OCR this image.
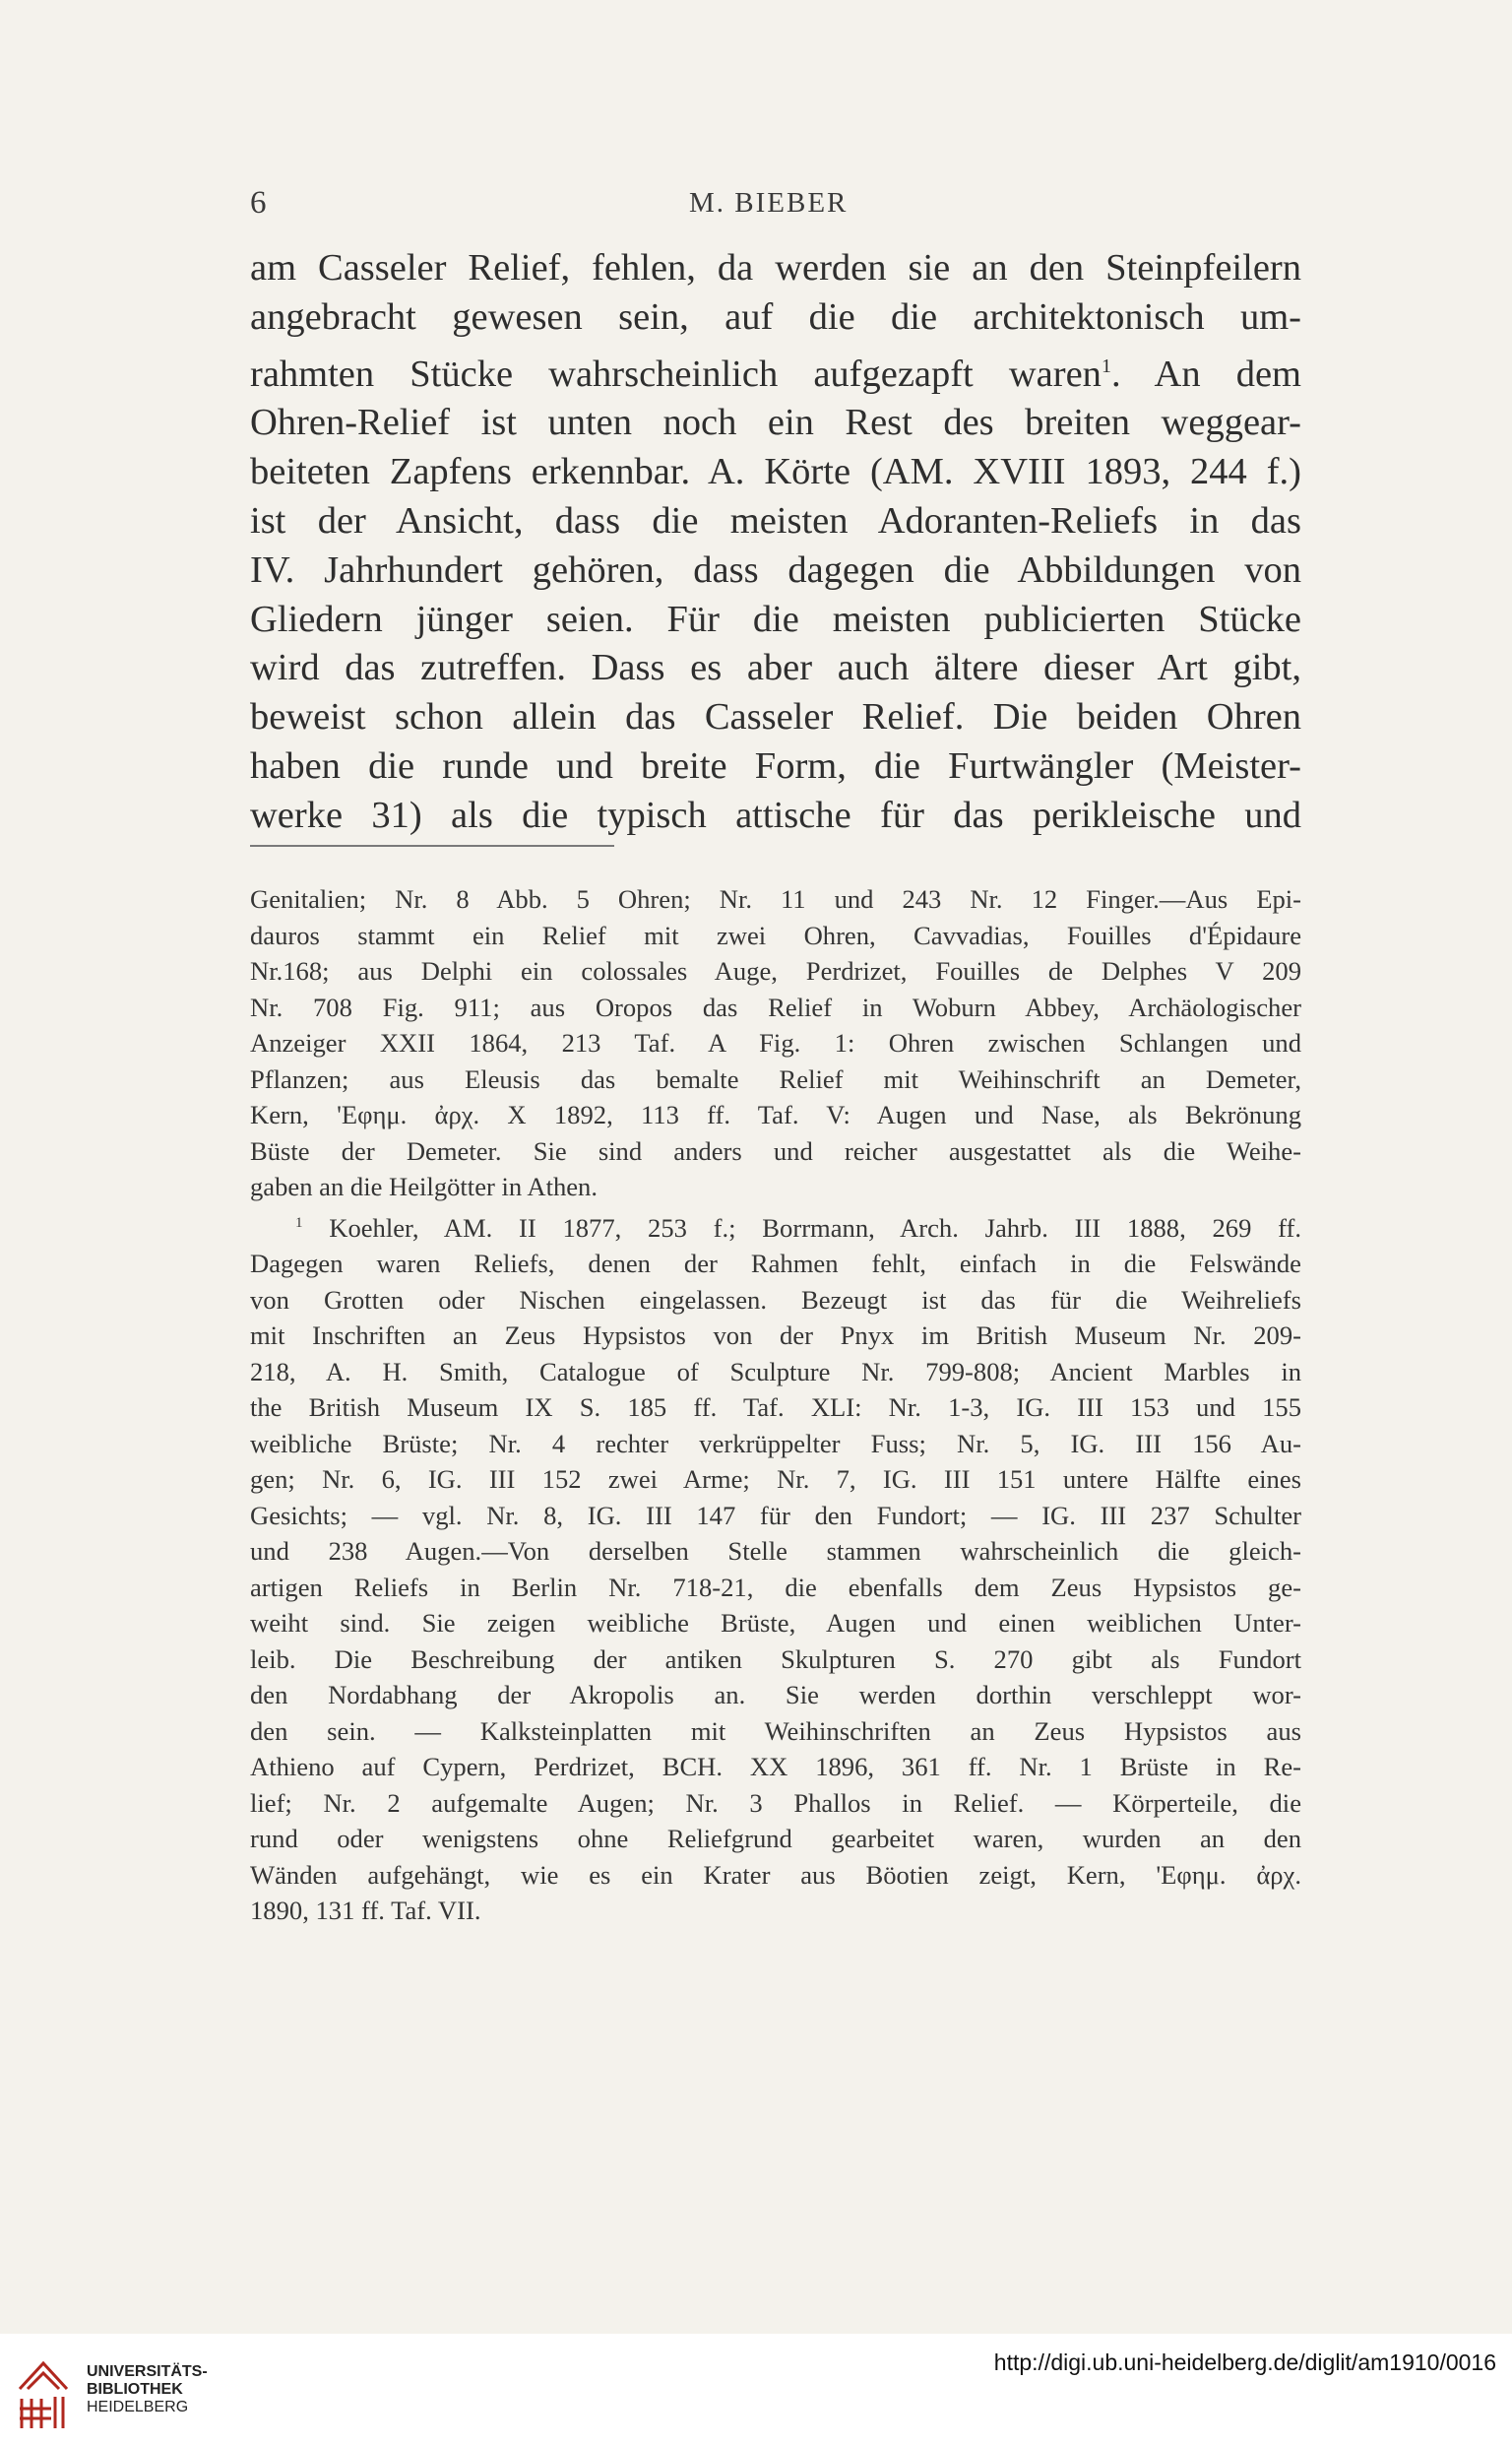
6	M. BIEBER
am Casseler Relief, fehlen, da werden sie an den Steinpfeilern
angebracht gewesen sein, auf die die architektonisch um-
rahmten Stücke wahrscheinlich aufgezapft waren$^1$. An dem
Ohren-Relief ist unten noch ein Rest des breiten weggear-
beiteten Zapfens erkennbar. A. Körte (AM. XVIII 1893, 244 f.)
ist der Ansicht, dass die meisten Adoranten-Reliefs in das
IV. Jahrhundert gehören, dass dagegen die Abbildungen von
Gliedern jünger seien. Für die meisten publicierten Stücke
wird das zutreffen. Dass es aber auch ältere dieser Art gibt,
beweist schon allein das Casseler Relief. Die beiden Ohren
haben die runde und breite Form, die Furtwängler (Meister-
werke 31) als die typisch attische für das perikleische und
Genitalien; Nr. 8 Abb. 5 Ohren; Nr. 11 und 243 Nr. 12 Finger.—Aus Epi-
dauros stammt ein Relief mit zwei Ohren, Cavvadias, Fouilles d'Épidaure
Nr.168; aus Delphi ein colossales Auge, Perdrizet, Fouilles de Delphes V 209
Nr. 708 Fig. 911; aus Oropos das Relief in Woburn Abbey, Archäologischer
Anzeiger XXII 1864, 213 Taf. A Fig. 1: Ohren zwischen Schlangen und
Pflanzen; aus Eleusis das bemalte Relief mit Weihinschrift an Demeter,
Kern, 'Εφημ. ἀρχ. X 1892, 113 ff. Taf. V: Augen und Nase, als Bekrönung
Büste der Demeter. Sie sind anders und reicher ausgestattet als die Weihe-
gaben an die Heilgötter in Athen.
$^1$ Koehler, AM. II 1877, 253 f.; Borrmann, Arch. Jahrb. III 1888, 269 ff.
Dagegen waren Reliefs, denen der Rahmen fehlt, einfach in die Felswände
von Grotten oder Nischen eingelassen. Bezeugt ist das für die Weihreliefs
mit Inschriften an Zeus Hypsistos von der Pnyx im British Museum Nr. 209-
218, A. H. Smith, Catalogue of Sculpture Nr. 799-808; Ancient Marbles in
the British Museum IX S. 185 ff. Taf. XLI: Nr. 1-3, IG. III 153 und 155
weibliche Brüste; Nr. 4 rechter verkrüppelter Fuss; Nr. 5, IG. III 156 Au-
gen; Nr. 6, IG. III 152 zwei Arme; Nr. 7, IG. III 151 untere Hälfte eines
Gesichts; — vgl. Nr. 8, IG. III 147 für den Fundort; — IG. III 237 Schulter
und 238 Augen.—Von derselben Stelle stammen wahrscheinlich die gleich-
artigen Reliefs in Berlin Nr. 718-21, die ebenfalls dem Zeus Hypsistos ge-
weiht sind. Sie zeigen weibliche Brüste, Augen und einen weiblichen Unter-
leib. Die Beschreibung der antiken Skulpturen S. 270 gibt als Fundort
den Nordabhang der Akropolis an. Sie werden dorthin verschleppt wor-
den sein. — Kalksteinplatten mit Weihinschriften an Zeus Hypsistos aus
Athieno auf Cypern, Perdrizet, BCH. XX 1896, 361 ff. Nr. 1 Brüste in Re-
lief; Nr. 2 aufgemalte Augen; Nr. 3 Phallos in Relief. — Körperteile, die
rund oder wenigstens ohne Reliefgrund gearbeitet waren, wurden an den
Wänden aufgehängt, wie es ein Krater aus Böotien zeigt, Kern, 'Εφημ. ἀρχ.
1890, 131 ff. Taf. VII.
UNIVERSITÄTS-
BIBLIOTHEK
HEIDELBERG
http://digi.ub.uni-heidelberg.de/diglit/am1910/0016
